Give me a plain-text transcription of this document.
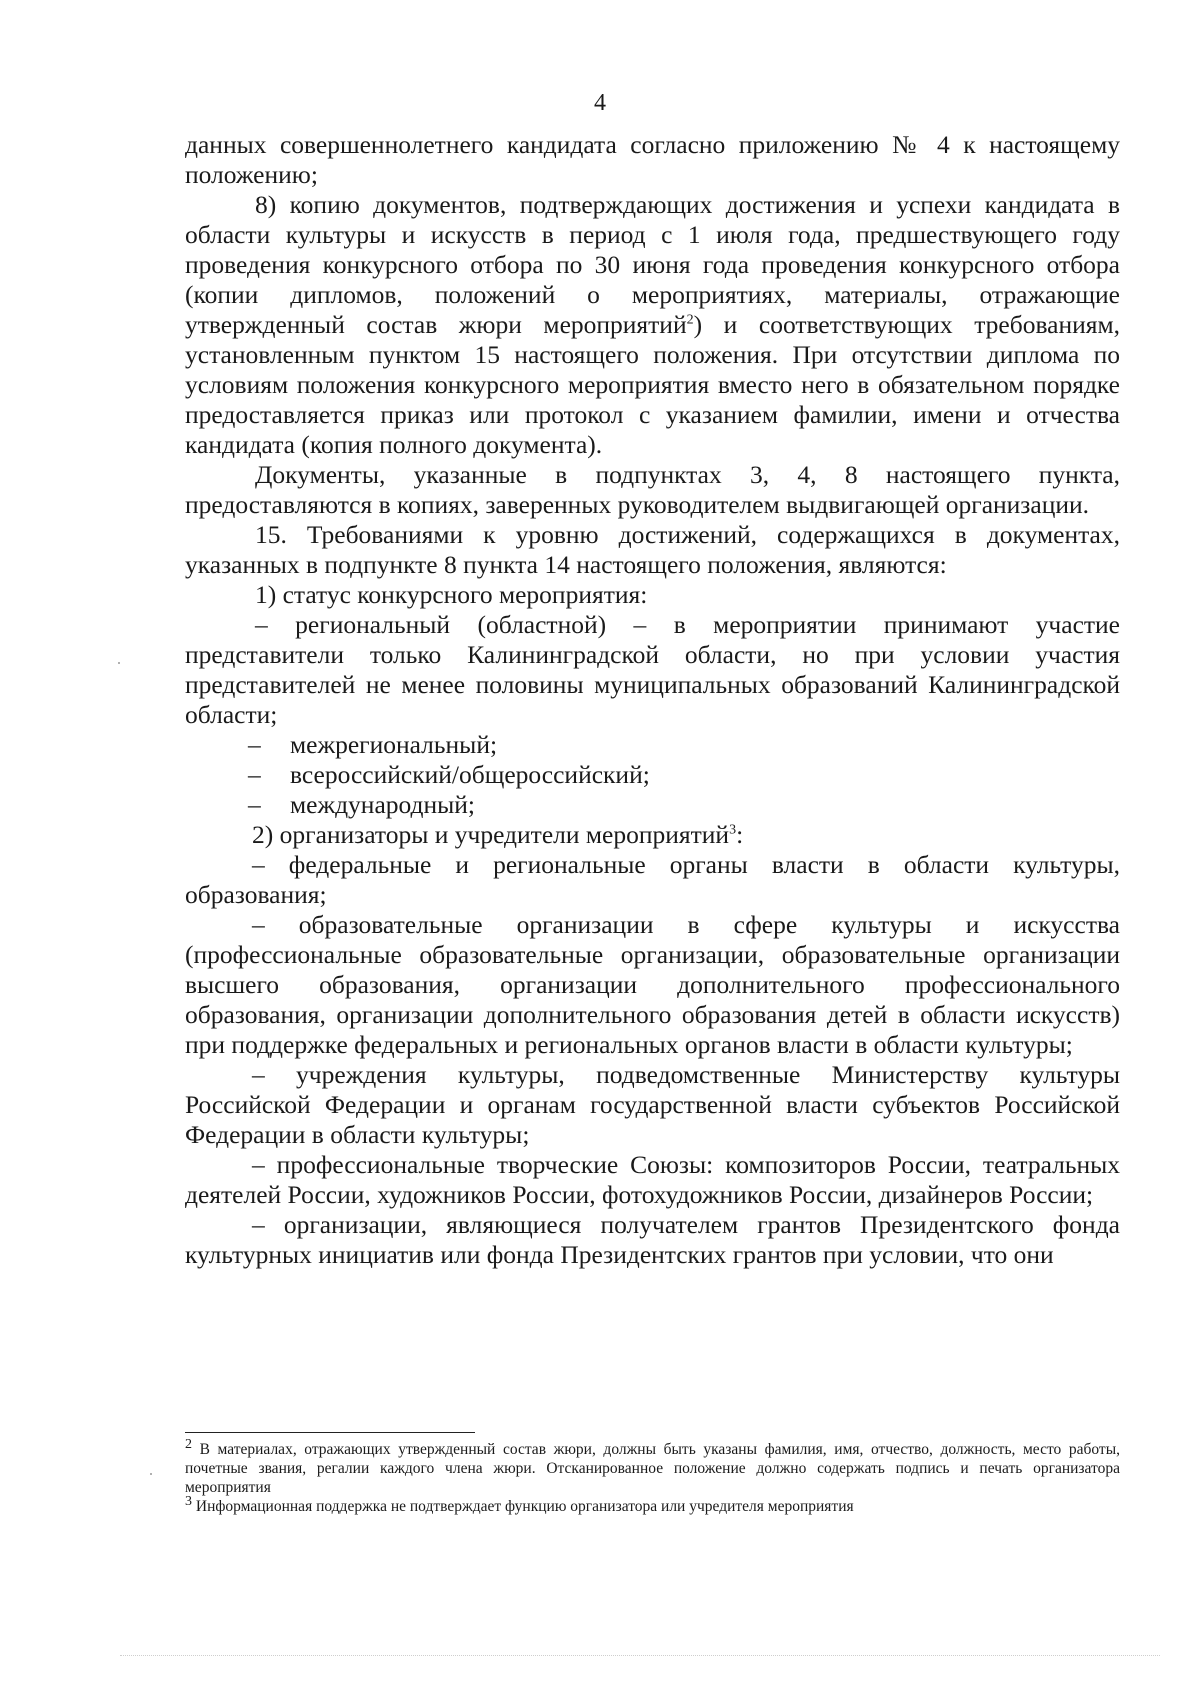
4

данных совершеннолетнего кандидата согласно приложению № 4 к настоящему положению;

8) копию документов, подтверждающих достижения и успехи кандидата в области культуры и искусств в период с 1 июля года, предшествующего году проведения конкурсного отбора по 30 июня года проведения конкурсного отбора (копии дипломов, положений о мероприятиях, материалы, отражающие утвержденный состав жюри мероприятий$^2$) и соответствующих требованиям, установленным пунктом 15 настоящего положения. При отсутствии диплома по условиям положения конкурсного мероприятия вместо него в обязательном порядке предоставляется приказ или протокол с указанием фамилии, имени и отчества кандидата (копия полного документа).

Документы, указанные в подпунктах 3, 4, 8 настоящего пункта, предоставляются в копиях, заверенных руководителем выдвигающей организации.

15. Требованиями к уровню достижений, содержащихся в документах, указанных в подпункте 8 пункта 14 настоящего положения, являются:

1) статус конкурсного мероприятия:

– региональный (областной) – в мероприятии принимают участие представители только Калининградской области, но при условии участия представителей не менее половины муниципальных образований Калининградской области;

– межрегиональный;

– всероссийский/общероссийский;

– международный;

2) организаторы и учредители мероприятий$^3$:

– федеральные и региональные органы власти в области культуры, образования;

– образовательные организации в сфере культуры и искусства (профессиональные образовательные организации, образовательные организации высшего образования, организации дополнительного профессионального образования, организации дополнительного образования детей в области искусств) при поддержке федеральных и региональных органов власти в области культуры;

– учреждения культуры, подведомственные Министерству культуры Российской Федерации и органам государственной власти субъектов Российской Федерации в области культуры;

– профессиональные творческие Союзы: композиторов России, театральных деятелей России, художников России, фотохудожников России, дизайнеров России;

– организации, являющиеся получателем грантов Президентского фонда культурных инициатив или фонда Президентских грантов при условии, что они

$^2$ В материалах, отражающих утвержденный состав жюри, должны быть указаны фамилия, имя, отчество, должность, место работы, почетные звания, регалии каждого члена жюри. Отсканированное положение должно содержать подпись и печать организатора мероприятия

$^3$ Информационная поддержка не подтверждает функцию организатора или учредителя мероприятия
